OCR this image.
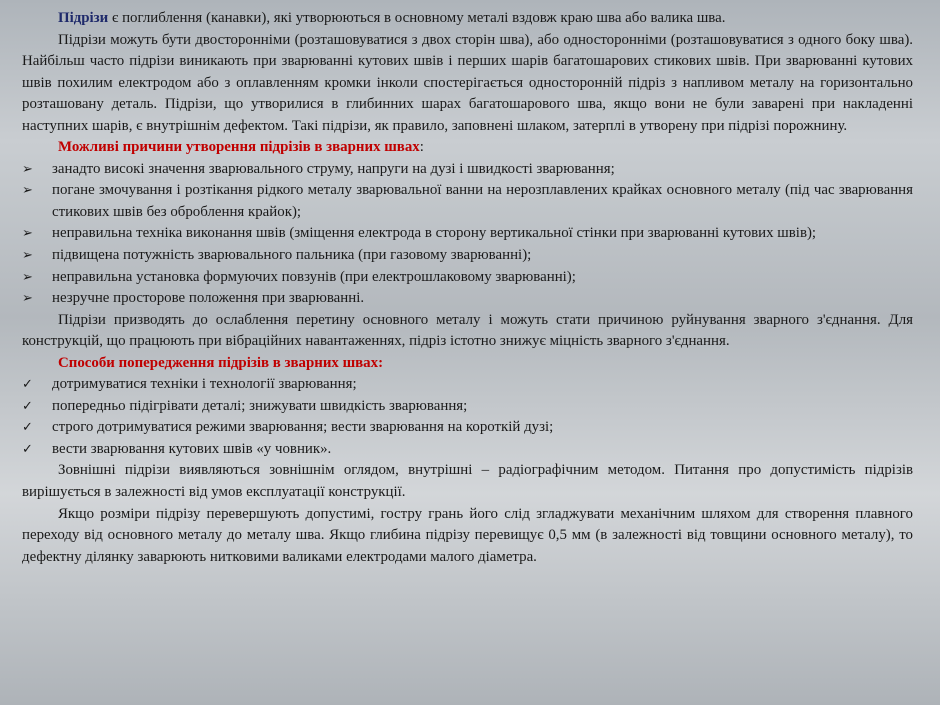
Підрізи є поглиблення (канавки), які утворюються в основному металі вздовж краю шва або валика шва.

Підрізи можуть бути двосторонніми (розташовуватися з двох сторін шва), або односторонніми (розташовуватися з одного боку шва). Найбільш часто підрізи виникають при зварюванні кутових швів і перших шарів багатошарових стикових швів. При зварюванні кутових швів похилим електродом або з оплавленням кромки інколи спостерігається односторонній підріз з напливом металу на горизонтально розташовану деталь. Підрізи, що утворилися в глибинних шарах багатошарового шва, якщо вони не були заварені при накладенні наступних шарів, є внутрішнім дефектом. Такі підрізи, як правило, заповнені шлаком, затерплі в утворену при підрізі порожнину.

Можливі причини утворення підрізів в зварних швах:

➢	занадто високі значення зварювального струму, напруги на дузі і швидкості зварювання;
➢	погане змочування і розтікання рідкого металу зварювальної ванни на нерозплавлених крайках основного металу (під час зварювання стикових швів без оброблення крайок);
➢	неправильна техніка виконання швів (зміщення електрода в сторону вертикальної стінки при зварюванні кутових швів);
➢	підвищена потужність зварювального пальника (при газовому зварюванні);
➢	неправильна установка формуючих повзунів (при електрошлаковому зварюванні);
➢	незручне просторове положення при зварюванні.

Підрізи призводять до ослаблення перетину основного металу і можуть стати причиною руйнування зварного з'єднання. Для конструкцій, що працюють при вібраційних навантаженнях, підріз істотно знижує міцність зварного з'єднання.

Способи попередження підрізів в зварних швах:

✓	дотримуватися техніки і технології зварювання;
✓	попередньо підігрівати деталі; знижувати швидкість зварювання;
✓	строго дотримуватися режими зварювання; вести зварювання на короткій дузі;
✓	вести зварювання кутових швів «у човник».

Зовнішні підрізи виявляються зовнішнім оглядом, внутрішні – радіографічним методом. Питання про допустимість підрізів вирішується в залежності від умов експлуатації конструкції.

Якщо розміри підрізу перевершують допустимі, гостру грань його слід згладжувати механічним шляхом для створення плавного переходу від основного металу до металу шва. Якщо глибина підрізу перевищує 0,5 мм (в залежності від товщини основного металу), то дефектну ділянку заварюють нитковими валиками електродами малого діаметра.
